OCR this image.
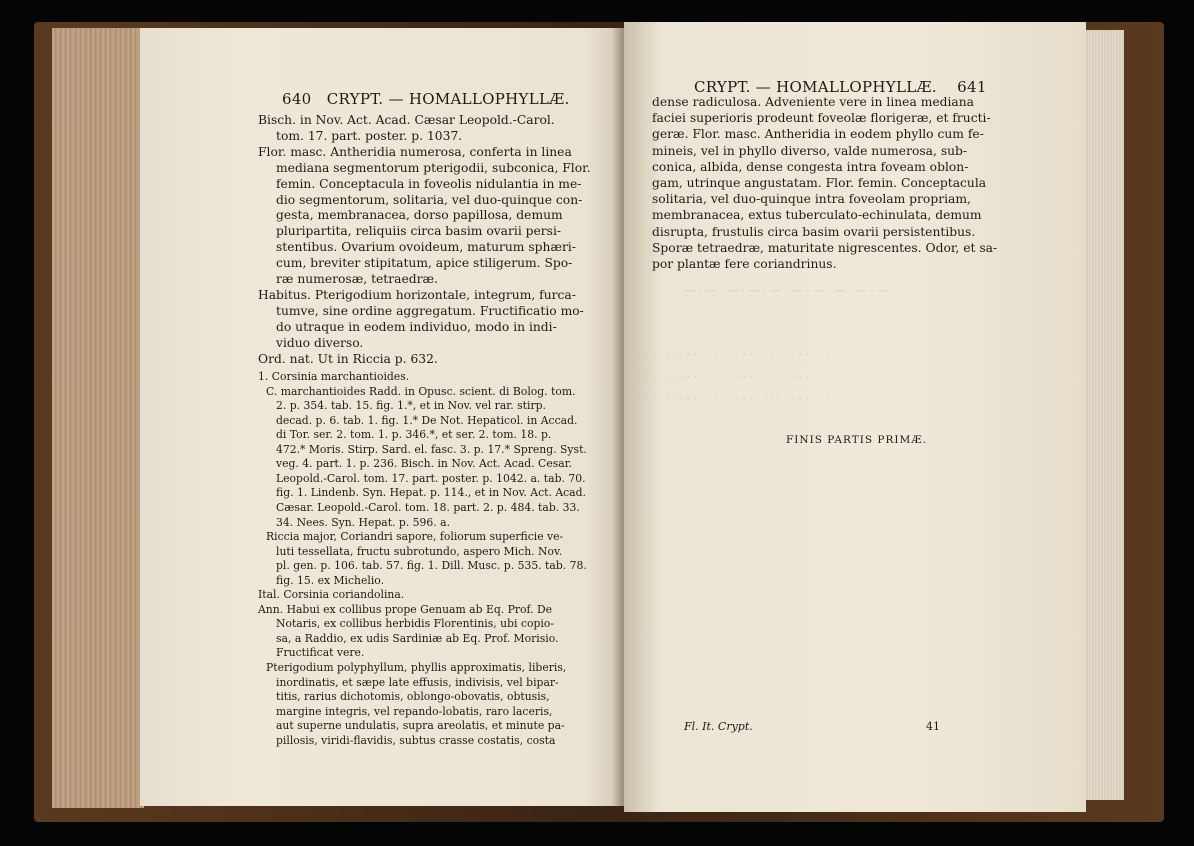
640 CRYPT. — HOMALLOPHYLLÆ.
Bisch. in Nov. Act. Acad. Cæsar Leopold.-Carol.
tom. 17. part. poster. p. 1037.
Flor. masc. Antheridia numerosa, conferta in linea
mediana segmentorum pterigodii, subconica, Flor.
femin. Conceptacula in foveolis nidulantia in me-
dio segmentorum, solitaria, vel duo-quinque con-
gesta, membranacea, dorso papillosa, demum
pluripartita, reliquiis circa basim ovarii persi-
stentibus. Ovarium ovoideum, maturum sphæri-
cum, breviter stipitatum, apice stiligerum. Spo-
ræ numerosæ, tetraedræ.
Habitus. Pterigodium horizontale, integrum, furca-
tumve, sine ordine aggregatum. Fructificatio mo-
do utraque in eodem individuo, modo in indi-
viduo diverso.
Ord. nat. Ut in Riccia p. 632.
1. Corsinia marchantioides.
C. marchantioides Radd. in Opusc. scient. di Bolog. tom.
2. p. 354. tab. 15. fig. 1.*, et in Nov. vel rar. stirp.
decad. p. 6. tab. 1. fig. 1.* De Not. Hepaticol. in Accad.
di Tor. ser. 2. tom. 1. p. 346.*, et ser. 2. tom. 18. p.
472.* Moris. Stirp. Sard. el. fasc. 3. p. 17.* Spreng. Syst.
veg. 4. part. 1. p. 236. Bisch. in Nov. Act. Acad. Cesar.
Leopold.-Carol. tom. 17. part. poster. p. 1042. a. tab. 70.
fig. 1. Lindenb. Syn. Hepat. p. 114., et in Nov. Act. Acad.
Cæsar. Leopold.-Carol. tom. 18. part. 2. p. 484. tab. 33.
34. Nees. Syn. Hepat. p. 596. a.
Riccia major, Coriandri sapore, foliorum superficie ve-
luti tessellata, fructu subrotundo, aspero Mich. Nov.
pl. gen. p. 106. tab. 57. fig. 1. Dill. Musc. p. 535. tab. 78.
fig. 15. ex Michelio.
Ital. Corsinia coriandolina.
Ann. Habui ex collibus prope Genuam ab Eq. Prof. De
Notaris, ex collibus herbidis Florentinis, ubi copio-
sa, a Raddio, ex udis Sardiniæ ab Eq. Prof. Morisio.
Fructificat vere.
Pterigodium polyphyllum, phyllis approximatis, liberis,
inordinatis, et sæpe late effusis, indivisis, vel bipar-
titis, rarius dichotomis, oblongo-obovatis, obtusis,
margine integris, vel repando-lobatis, raro laceris,
aut superne undulatis, supra areolatis, et minute pa-
pillosis, viridi-flavidis, subtus crasse costatis, costa
CRYPT. — HOMALLOPHYLLÆ. 641
dense radiculosa. Adveniente vere in linea mediana
faciei superioris prodeunt foveolæ florigeræ, et fructi-
geræ. Flor. masc. Antheridia in eodem phyllo cum fe-
mineis, vel in phyllo diverso, valde numerosa, sub-
conica, albida, dense congesta intra foveam oblon-
gam, utrinque angustatam. Flor. femin. Conceptacula
solitaria, vel duo-quinque intra foveolam propriam,
membranacea, extus tuberculato-echinulata, demum
disrupta, frustulis circa basim ovarii persistentibus.
Sporæ tetraedræ, maturitate nigrescentes. Odor, et sa-
por plantæ fere coriandrinus.
— · — · — · — · — · — · — · — · — · —

· · · · · · · · · · · · · · · · · · · · · · · · · · · · · ·
· · · · · · · · · · · · · · · · · · · · · · · · · · · · · ·
· · · · · · · · · · · · · · · · · · · · · · · · · · · · · ·
FINIS PARTIS PRIMÆ.
Fl. It. Crypt.	41
